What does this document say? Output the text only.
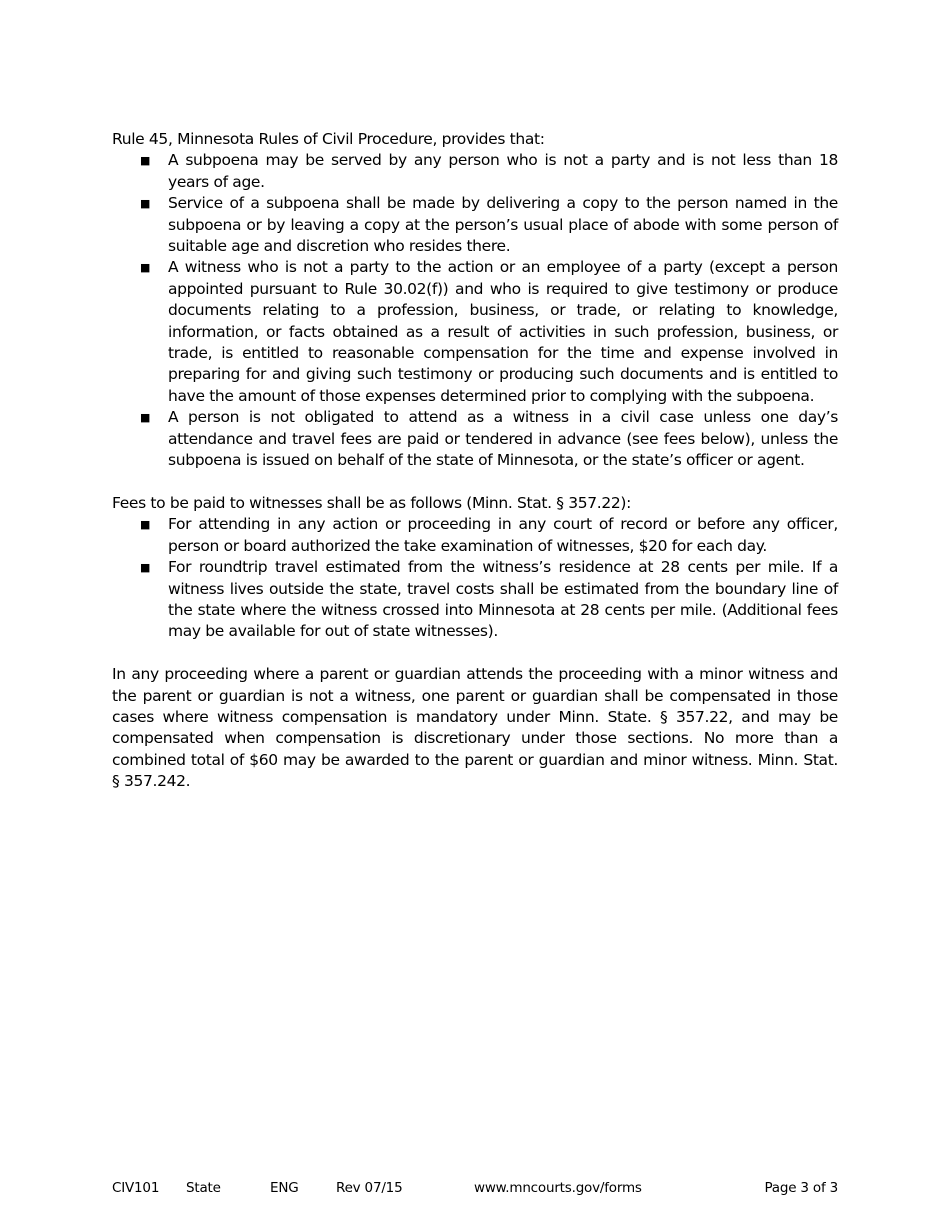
Rule 45, Minnesota Rules of Civil Procedure, provides that:

■ A subpoena may be served by any person who is not a party and is not less than 18 years of age.
■ Service of a subpoena shall be made by delivering a copy to the person named in the subpoena or by leaving a copy at the person’s usual place of abode with some person of suitable age and discretion who resides there.
■ A witness who is not a party to the action or an employee of a party (except a person appointed pursuant to Rule 30.02(f)) and who is required to give testimony or produce documents relating to a profession, business, or trade, or relating to knowledge, information, or facts obtained as a result of activities in such profession, business, or trade, is entitled to reasonable compensation for the time and expense involved in preparing for and giving such testimony or producing such documents and is entitled to have the amount of those expenses determined prior to complying with the subpoena.
■ A person is not obligated to attend as a witness in a civil case unless one day’s attendance and travel fees are paid or tendered in advance (see fees below), unless the subpoena is issued on behalf of the state of Minnesota, or the state’s officer or agent.

Fees to be paid to witnesses shall be as follows (Minn. Stat. § 357.22):

■ For attending in any action or proceeding in any court of record or before any officer, person or board authorized the take examination of witnesses, $20 for each day.
■ For roundtrip travel estimated from the witness’s residence at 28 cents per mile. If a witness lives outside the state, travel costs shall be estimated from the boundary line of the state where the witness crossed into Minnesota at 28 cents per mile. (Additional fees may be available for out of state witnesses).

In any proceeding where a parent or guardian attends the proceeding with a minor witness and the parent or guardian is not a witness, one parent or guardian shall be compensated in those cases where witness compensation is mandatory under Minn. State. § 357.22, and may be compensated when compensation is discretionary under those sections. No more than a combined total of $60 may be awarded to the parent or guardian and minor witness. Minn. Stat. § 357.242.

CIV101 State	ENG	Rev 07/15	www.mncourts.gov/forms	Page 3 of 3
